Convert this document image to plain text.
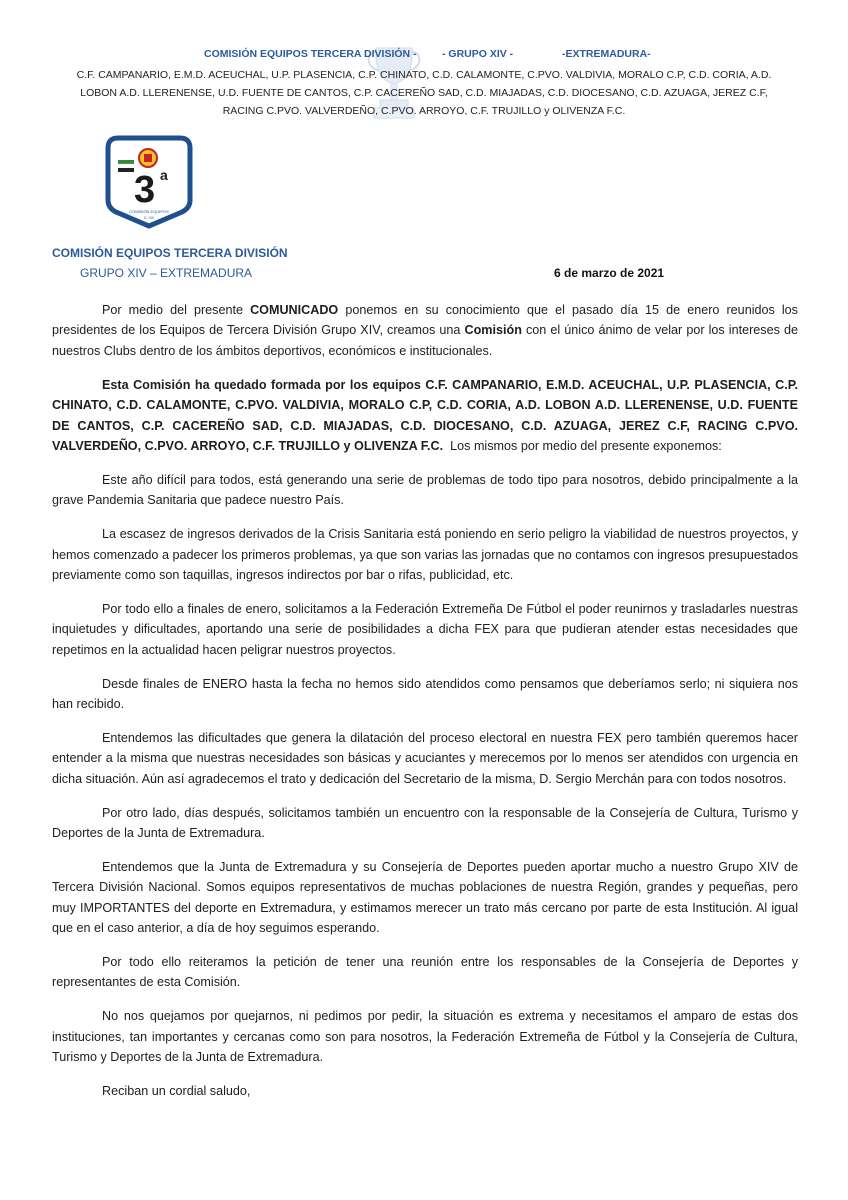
COMISIÓN EQUIPOS TERCERA DIVISIÓN - - GRUPO XIV -	-EXTREMADURA-
C.F. CAMPANARIO, E.M.D. ACEUCHAL, U.P. PLASENCIA, C.P. CHINATO, C.D. CALAMONTE, C.PVO. VALDIVIA, MORALO C.P, C.D. CORIA, A.D. LOBON A.D. LLERENENSE, U.D. FUENTE DE CANTOS, C.P. CACEREÑO SAD, C.D. MIAJADAS, C.D. DIOCESANO, C.D. AZUAGA, JEREZ C.F, RACING C.PVO. VALVERDEÑO, C.PVO. ARROYO, C.F. TRUJILLO y OLIVENZA F.C.
3 a
COMISIÓN EQUIPOS
G. XIV
COMISIÓN EQUIPOS TERCERA DIVISIÓN
GRUPO XIV – EXTREMADURA	6 de marzo de 2021

Por medio del presente COMUNICADO ponemos en su conocimiento que el pasado día 15 de enero reunidos los presidentes de los Equipos de Tercera División Grupo XIV, creamos una Comisión con el único ánimo de velar por los intereses de nuestros Clubs dentro de los ámbitos deportivos, económicos e institucionales.

Esta Comisión ha quedado formada por los equipos C.F. CAMPANARIO, E.M.D. ACEUCHAL, U.P. PLASENCIA, C.P. CHINATO, C.D. CALAMONTE, C.PVO. VALDIVIA, MORALO C.P, C.D. CORIA, A.D. LOBON A.D. LLERENENSE, U.D. FUENTE DE CANTOS, C.P. CACEREÑO SAD, C.D. MIAJADAS, C.D. DIOCESANO, C.D. AZUAGA, JEREZ C.F, RACING C.PVO. VALVERDEÑO, C.PVO. ARROYO, C.F. TRUJILLO y OLIVENZA F.C.  Los mismos por medio del presente exponemos:

Este año difícil para todos, está generando una serie de problemas de todo tipo para nosotros, debido principalmente a la grave Pandemia Sanitaria que padece nuestro País.

La escasez de ingresos derivados de la Crisis Sanitaria está poniendo en serio peligro la viabilidad de nuestros proyectos, y hemos comenzado a padecer los primeros problemas, ya que son varias las jornadas que no contamos con ingresos presupuestados previamente como son taquillas, ingresos indirectos por bar o rifas, publicidad, etc.

Por todo ello a finales de enero, solicitamos a la Federación Extremeña De Fútbol el poder reunirnos y trasladarles nuestras inquietudes y dificultades, aportando una serie de posibilidades a dicha FEX para que pudieran atender estas necesidades que repetimos en la actualidad hacen peligrar nuestros proyectos.

Desde finales de ENERO hasta la fecha no hemos sido atendidos como pensamos que deberíamos serlo; ni siquiera nos han recibido.

Entendemos las dificultades que genera la dilatación del proceso electoral en nuestra FEX pero también queremos hacer entender a la misma que nuestras necesidades son básicas y acuciantes y merecemos por lo menos ser atendidos con urgencia en dicha situación. Aún así agradecemos el trato y dedicación del Secretario de la misma, D. Sergio Merchán para con todos nosotros.

Por otro lado, días después, solicitamos también un encuentro con la responsable de la Consejería de Cultura, Turismo y Deportes de la Junta de Extremadura.

Entendemos que la Junta de Extremadura y su Consejería de Deportes pueden aportar mucho a nuestro Grupo XIV de Tercera División Nacional. Somos equipos representativos de muchas poblaciones de nuestra Región, grandes y pequeñas, pero muy IMPORTANTES del deporte en Extremadura, y estimamos merecer un trato más cercano por parte de esta Institución. Al igual que en el caso anterior, a día de hoy seguimos esperando.

Por todo ello reiteramos la petición de tener una reunión entre los responsables de la Consejería de Deportes y representantes de esta Comisión.

No nos quejamos por quejarnos, ni pedimos por pedir, la situación es extrema y necesitamos el amparo de estas dos instituciones, tan importantes y cercanas como son para nosotros, la Federación Extremeña de Fútbol y la Consejería de Cultura, Turismo y Deportes de la Junta de Extremadura.

Reciban un cordial saludo,
